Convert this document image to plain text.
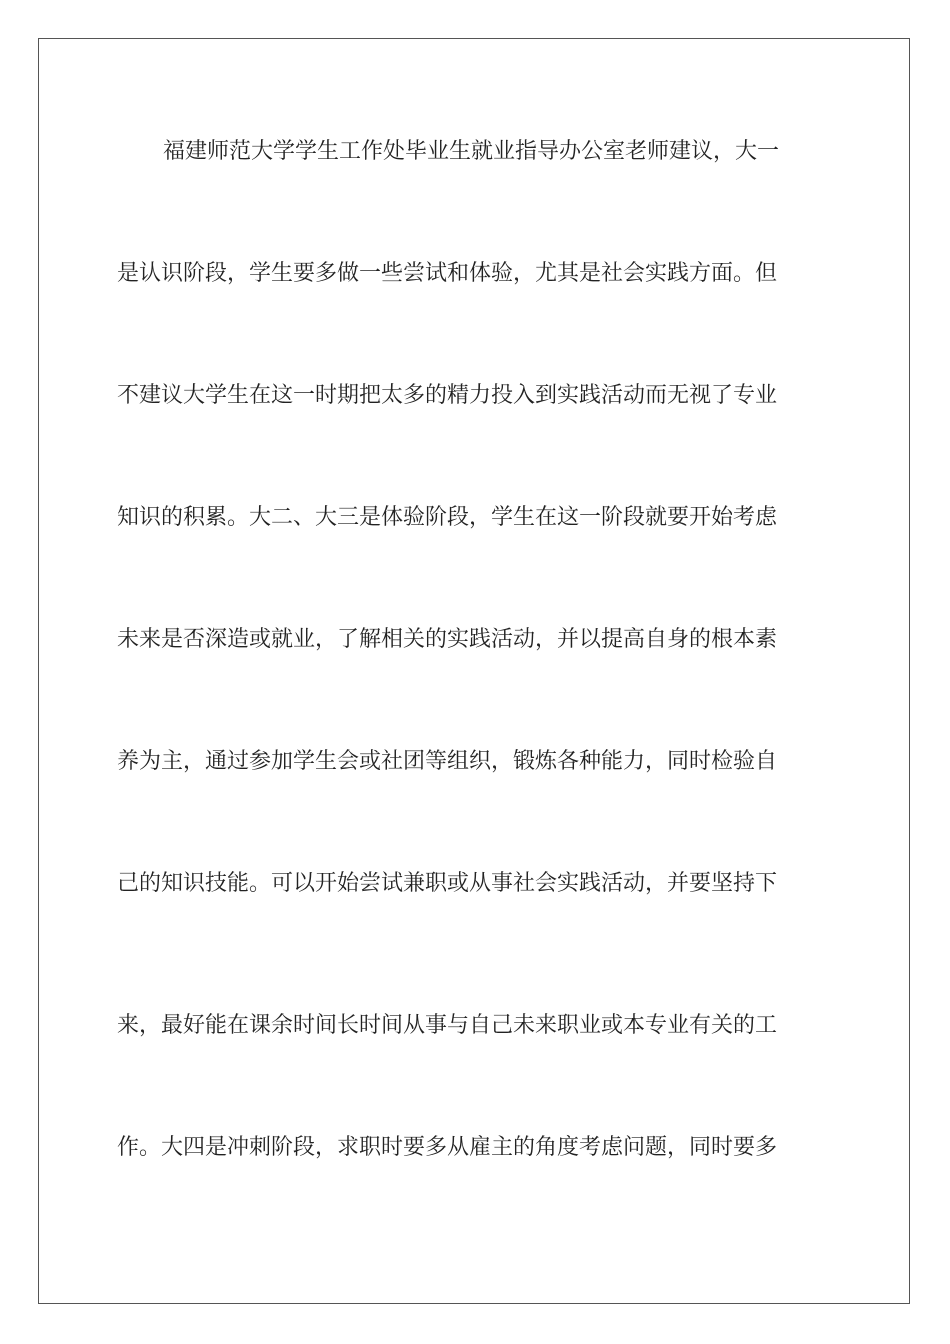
福建师范大学学生工作处毕业生就业指导办公室老师建议，大一
是认识阶段，学生要多做一些尝试和体验，尤其是社会实践方面。但
不建议大学生在这一时期把太多的精力投入到实践活动而无视了专业
知识的积累。大二、大三是体验阶段，学生在这一阶段就要开始考虑
未来是否深造或就业，了解相关的实践活动，并以提高自身的根本素
养为主，通过参加学生会或社团等组织，锻炼各种能力，同时检验自
己的知识技能。可以开始尝试兼职或从事社会实践活动，并要坚持下
来，最好能在课余时间长时间从事与自己未来职业或本专业有关的工
作。大四是冲刺阶段，求职时要多从雇主的角度考虑问题，同时要多
